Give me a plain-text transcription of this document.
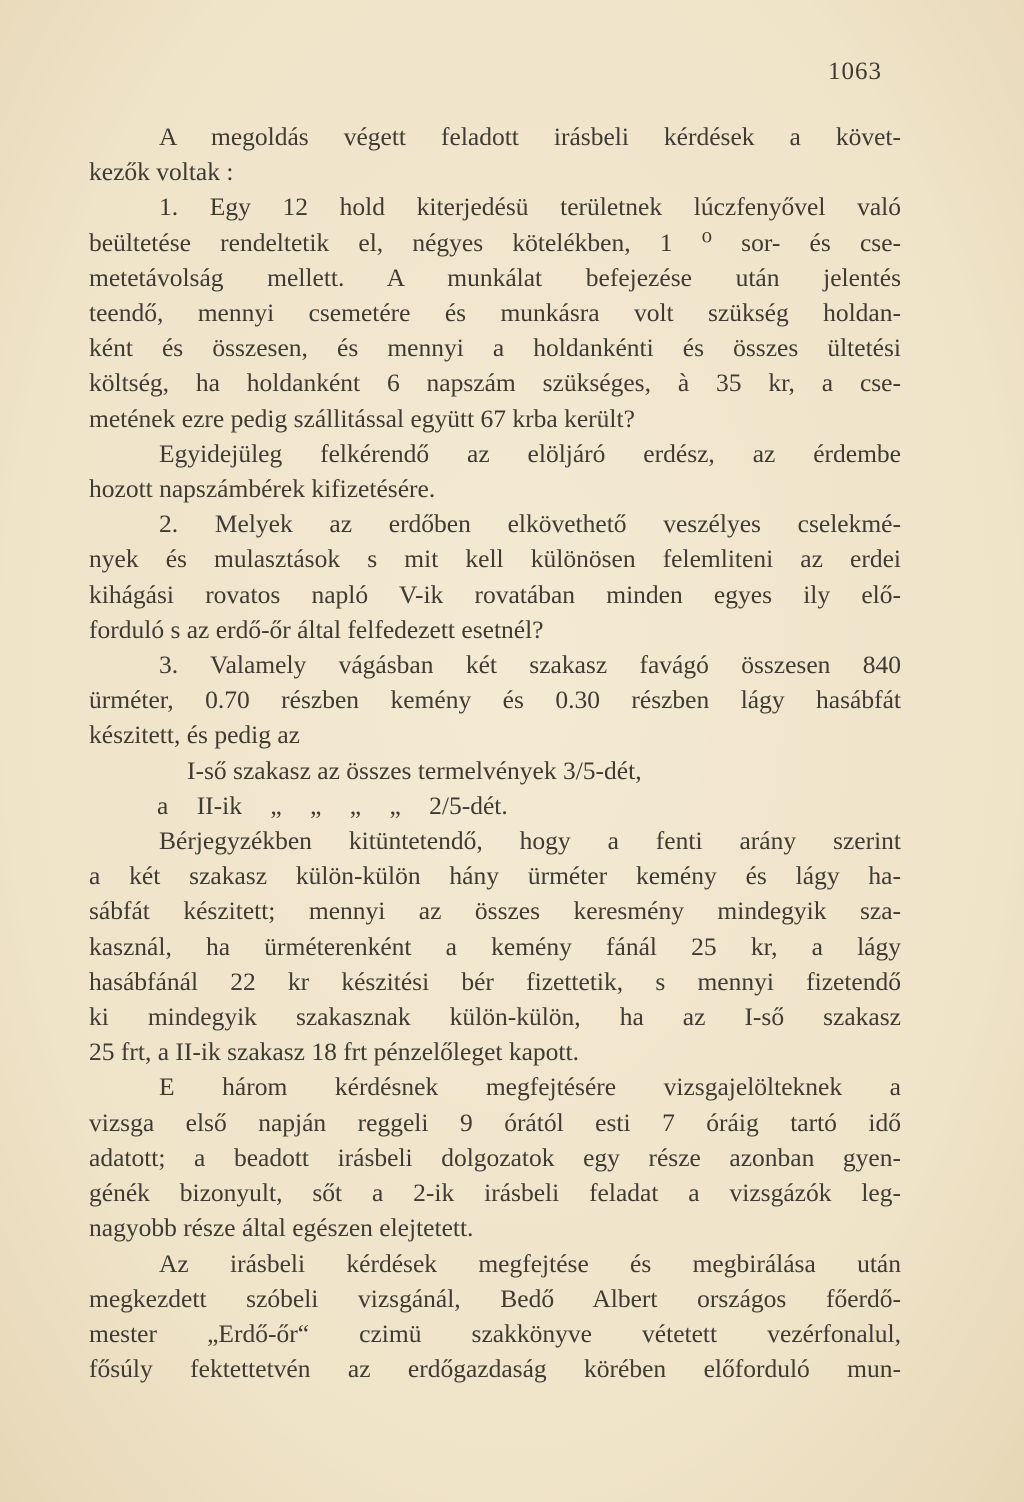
1063
A megoldás végett feladott irásbeli kérdések a követ-
kezők voltak :
1. Egy 12 hold kiterjedésü területnek lúczfenyővel való
beültetése rendeltetik el, négyes kötelékben, 1 ⁰ sor- és cse-
metetávolság mellett. A munkálat befejezése után jelentés
teendő, mennyi csemetére és munkásra volt szükség holdan-
ként és összesen, és mennyi a holdankénti és összes ültetési
költség, ha holdanként 6 napszám szükséges, à 35 kr, a cse-
metének ezre pedig szállitással együtt 67 krba került?
Egyidejüleg felkérendő az elöljáró erdész, az érdembe
hozott napszámbérek kifizetésére.
2. Melyek az erdőben elkövethető veszélyes cselekmé-
nyek és mulasztások s mit kell különösen felemliteni az erdei
kihágási rovatos napló V-ik rovatában minden egyes ily elő-
forduló s az erdő-őr által felfedezett esetnél?
3. Valamely vágásban két szakasz favágó összesen 840
ürméter, 0.70 részben kemény és 0.30 részben lágy hasábfát
készitett, és pedig az
I-ső szakasz az összes termelvények 3/5-dét,
a II-ik „ „ „ „ 2/5-dét.
Bérjegyzékben kitüntetendő, hogy a fenti arány szerint
a két szakasz külön-külön hány ürméter kemény és lágy ha-
sábfát készitett; mennyi az összes keresmény mindegyik sza-
kasznál, ha ürméterenként a kemény fánál 25 kr, a lágy
hasábfánál 22 kr készitési bér fizettetik, s mennyi fizetendő
ki mindegyik szakasznak külön-külön, ha az I-ső szakasz
25 frt, a II-ik szakasz 18 frt pénzelőleget kapott.
E három kérdésnek megfejtésére vizsgajelölteknek a
vizsga első napján reggeli 9 órától esti 7 óráig tartó idő
adatott; a beadott irásbeli dolgozatok egy része azonban gyen-
génék bizonyult, sőt a 2-ik irásbeli feladat a vizsgázók leg-
nagyobb része által egészen elejtetett.
Az irásbeli kérdések megfejtése és megbirálása után
megkezdett szóbeli vizsgánál, Bedő Albert országos főerdő-
mester „Erdő-őr“ czimü szakkönyve vétetett vezérfonalul,
fősúly fektettetvén az erdőgazdaság körében előforduló mun-
